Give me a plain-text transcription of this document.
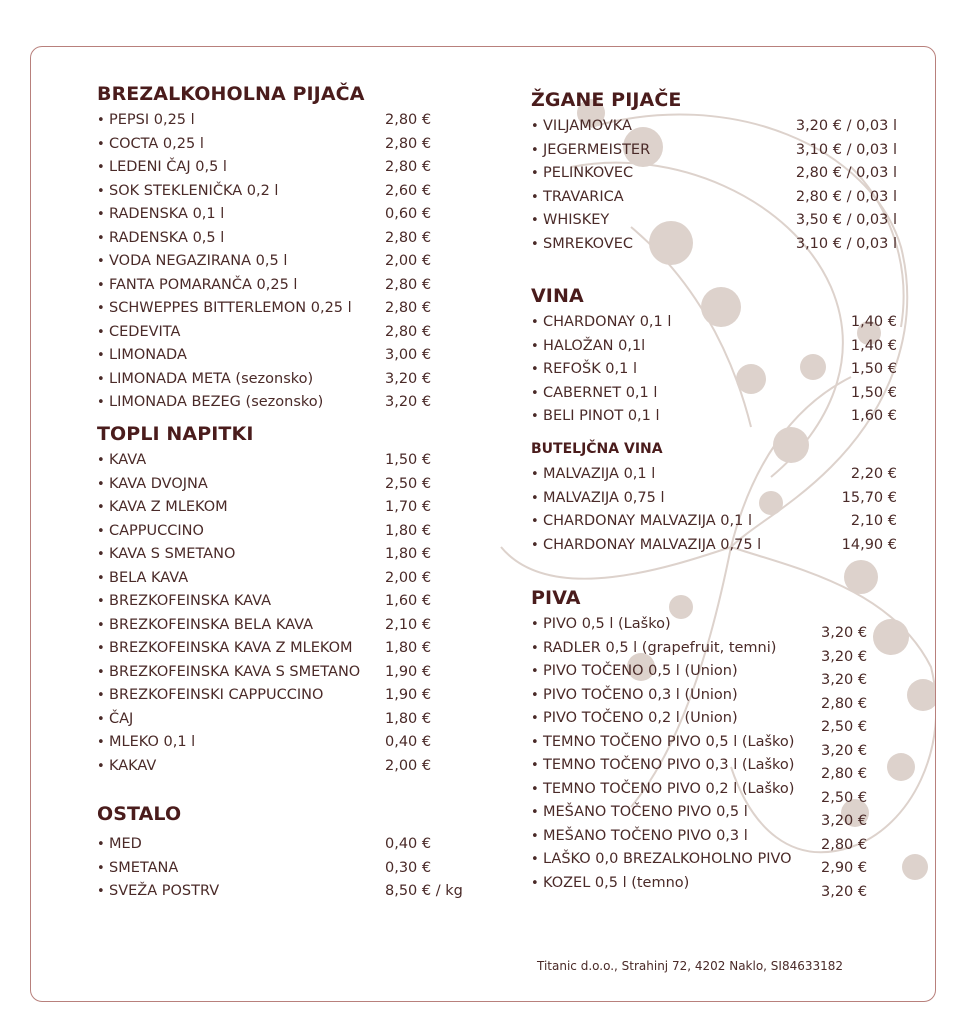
BREZALKOHOLNA PIJAČA
• PEPSI 0,25 l	2,80 €
• COCTA 0,25 l	2,80 €
• LEDENI ČAJ 0,5 l	2,80 €
• SOK STEKLENIČKA 0,2 l	2,60 €
• RADENSKA 0,1 l	0,60 €
• RADENSKA 0,5 l	2,80 €
• VODA NEGAZIRANA 0,5 l	2,00 €
• FANTA POMARANČA 0,25 l	2,80 €
• SCHWEPPES BITTERLEMON 0,25 l 2,80 €
• CEDEVITA	2,80 €
• LIMONADA	3,00 €
• LIMONADA META (sezonsko)	3,20 €
• LIMONADA BEZEG (sezonsko)	3,20 €
TOPLI NAPITKI
• KAVA	1,50 €
• KAVA DVOJNA	2,50 €
• KAVA Z MLEKOM	1,70 €
• CAPPUCCINO	1,80 €
• KAVA S SMETANO	1,80 €
• BELA KAVA	2,00 €
• BREZKOFEINSKA KAVA	1,60 €
• BREZKOFEINSKA BELA KAVA	2,10 €
• BREZKOFEINSKA KAVA Z MLEKOM 1,80 €
• BREZKOFEINSKA KAVA S SMETANO 1,90 €
• BREZKOFEINSKI CAPPUCCINO	1,90 €
• ČAJ	1,80 €
• MLEKO 0,1 l	0,40 €
• KAKAV	2,00 €
OSTALO
• MED	0,40 €
• SMETANA	0,30 €
• SVEŽA POSTRV	8,50 € / kg
ŽGANE PIJAČE
• VILJAMOVKA	3,20 € / 0,03 l
• JEGERMEISTER	3,10 € / 0,03 l
• PELINKOVEC	2,80 € / 0,03 l
• TRAVARICA	2,80 € / 0,03 l
• WHISKEY	3,50 € / 0,03 l
• SMREKOVEC	3,10 € / 0,03 l
VINA
• CHARDONAY 0,1 l	1,40 €
• HALOŽAN 0,1l	1,40 €
• REFOŠK 0,1 l	1,50 €
• CABERNET 0,1 l	1,50 €
• BELI PINOT 0,1 l	1,60 €
BUTELJČNA VINA
• MALVAZIJA 0,1 l	2,20 €
• MALVAZIJA 0,75 l	15,70 €
• CHARDONAY MALVAZIJA 0,1 l	2,10 €
• CHARDONAY MALVAZIJA 0,75 l	14,90 €
PIVA
• PIVO 0,5 l (Laško)
3,20 €
• RADLER 0,5 l (grapefruit, temni)
3,20 €
• PIVO TOČENO 0,5 l (Union)
3,20 €
• PIVO TOČENO 0,3 l (Union)
2,80 €
• PIVO TOČENO 0,2 l (Union)
2,50 €
• TEMNO TOČENO PIVO 0,5 l (Laško)
3,20 €
• TEMNO TOČENO PIVO 0,3 l (Laško)
2,80 €
• TEMNO TOČENO PIVO 0,2 l (Laško)
2,50 €
• MEŠANO TOČENO PIVO 0,5 l
3,20 €
• MEŠANO TOČENO PIVO 0,3 l
2,80 €
• LAŠKO 0,0 BREZALKOHOLNO PIVO
2,90 €
• KOZEL 0,5 l (temno)
3,20 €
Titanic d.o.o., Strahinj 72, 4202 Naklo, SI84633182
